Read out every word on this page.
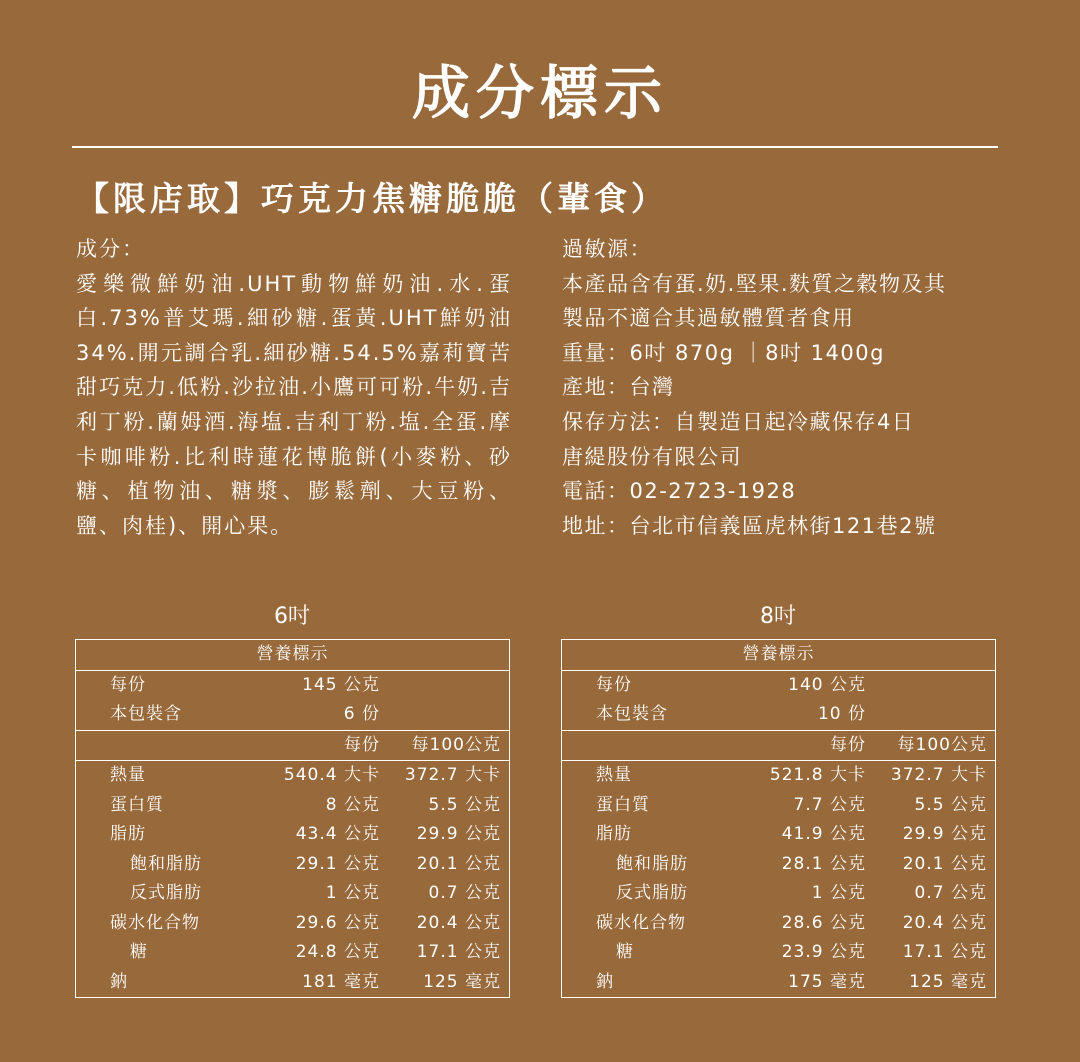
成分標示
【限店取】巧克力焦糖脆脆（輩食）
成分：
愛樂微鮮奶油.UHT動物鮮奶油.水.蛋白.73%普艾瑪.細砂糖.蛋黃.UHT鮮奶油34%.開元調合乳.細砂糖.54.5%嘉莉寶苦甜巧克力.低粉.沙拉油.小鷹可可粉.牛奶.吉利丁粉.蘭姆酒.海塩.吉利丁粉.塩.全蛋.摩卡咖啡粉.比利時蓮花博脆餅(小麥粉、砂糖、植物油、糖漿、膨鬆劑、大豆粉、鹽、肉桂)、開心果。
過敏源：
本產品含有蛋.奶.堅果.麩質之穀物及其
製品不適合其過敏體質者食用
重量：6吋 870g ｜8吋 1400g
產地：台灣
保存方法：自製造日起冷藏保存4日
唐緹股份有限公司
電話：02-2723-1928
地址：台北市信義區虎林街121巷2號
6吋
營養標示		
每份	145 公克	
本包裝含	6 份	
	每份	每100公克
熱量	540.4 大卡	372.7 大卡
蛋白質	8 公克	5.5 公克
脂肪	43.4 公克	29.9 公克
飽和脂肪	29.1 公克	20.1 公克
反式脂肪	1 公克	0.7 公克
碳水化合物	29.6 公克	20.4 公克
糖	24.8 公克	17.1 公克
鈉	181 毫克	125 毫克
8吋
營養標示		
每份	140 公克	
本包裝含	10 份	
	每份	每100公克
熱量	521.8 大卡	372.7 大卡
蛋白質	7.7 公克	5.5 公克
脂肪	41.9 公克	29.9 公克
飽和脂肪	28.1 公克	20.1 公克
反式脂肪	1 公克	0.7 公克
碳水化合物	28.6 公克	20.4 公克
糖	23.9 公克	17.1 公克
鈉	175 毫克	125 毫克
